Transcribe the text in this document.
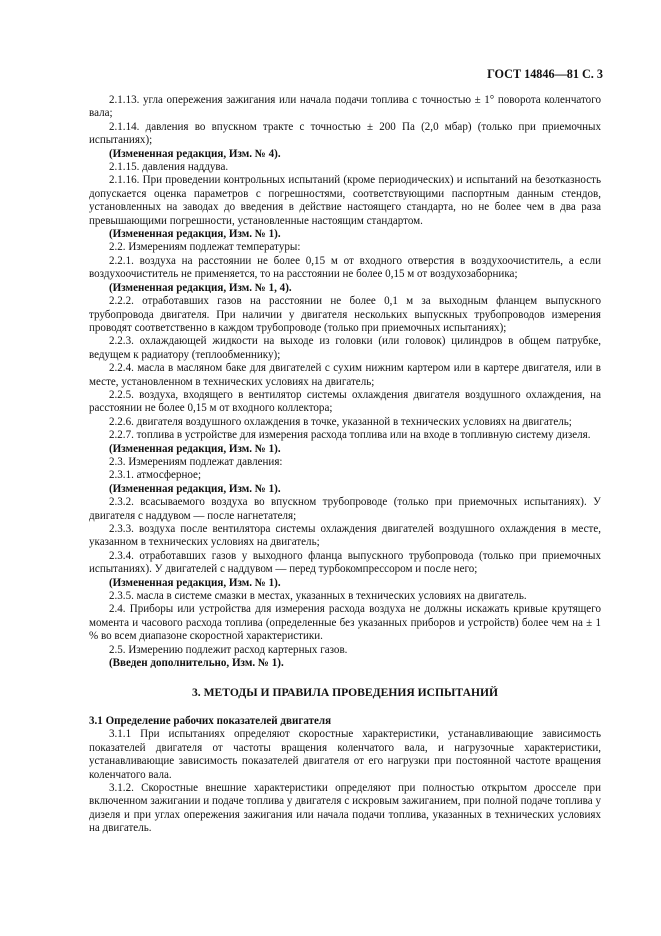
ГОСТ 14846—81 С. 3

2.1.13. угла опережения зажигания или начала подачи топлива с точностью ± 1° поворота коленчатого вала;

2.1.14. давления во впускном тракте с точностью ± 200 Па (2,0 мбар) (только при приемочных испытаниях);

(Измененная редакция, Изм. № 4).

2.1.15. давления наддува.

2.1.16. При проведении контрольных испытаний (кроме периодических) и испытаний на безотказность допускается оценка параметров с погрешностями, соответствующими паспортным данным стендов, установленных на заводах до введения в действие настоящего стандарта, но не более чем в два раза превышающими погрешности, установленные настоящим стандартом.

(Измененная редакция, Изм. № 1).

2.2. Измерениям подлежат температуры:

2.2.1. воздуха на расстоянии не более 0,15 м от входного отверстия в воздухоочиститель, а если воздухоочиститель не применяется, то на расстоянии не более 0,15 м от воздухозаборника;

(Измененная редакция, Изм. № 1, 4).

2.2.2. отработавших газов на расстоянии не более 0,1 м за выходным фланцем выпускного трубопровода двигателя. При наличии у двигателя нескольких выпускных трубопроводов измерения проводят соответственно в каждом трубопроводе (только при приемочных испытаниях);

2.2.3. охлаждающей жидкости на выходе из головки (или головок) цилиндров в общем патрубке, ведущем к радиатору (теплообменнику);

2.2.4. масла в масляном баке для двигателей с сухим нижним картером или в картере двигателя, или в месте, установленном в технических условиях на двигатель;

2.2.5. воздуха, входящего в вентилятор системы охлаждения двигателя воздушного охлаждения, на расстоянии не более 0,15 м от входного коллектора;

2.2.6. двигателя воздушного охлаждения в точке, указанной в технических условиях на двигатель;

2.2.7. топлива в устройстве для измерения расхода топлива или на входе в топливную систему дизеля.

(Измененная редакция, Изм. № 1).

2.3. Измерениям подлежат давления:

2.3.1. атмосферное;

(Измененная редакция, Изм. № 1).

2.3.2. всасываемого воздуха во впускном трубопроводе (только при приемочных испытаниях). У двигателя с наддувом — после нагнетателя;

2.3.3. воздуха после вентилятора системы охлаждения двигателей воздушного охлаждения в месте, указанном в технических условиях на двигатель;

2.3.4. отработавших газов у выходного фланца выпускного трубопровода (только при приемочных испытаниях). У двигателей с наддувом — перед турбокомпрессором и после него;

(Измененная редакция, Изм. № 1).

2.3.5. масла в системе смазки в местах, указанных в технических условиях на двигатель.

2.4. Приборы или устройства для измерения расхода воздуха не должны искажать кривые крутящего момента и часового расхода топлива (определенные без указанных приборов и устройств) более чем на ± 1 % во всем диапазоне скоростной характеристики.

2.5. Измерению подлежит расход картерных газов.

(Введен дополнительно, Изм. № 1).

3. МЕТОДЫ И ПРАВИЛА ПРОВЕДЕНИЯ ИСПЫТАНИЙ

3.1 Определение рабочих показателей двигателя

3.1.1 При испытаниях определяют скоростные характеристики, устанавливающие зависимость показателей двигателя от частоты вращения коленчатого вала, и нагрузочные характеристики, устанавливающие зависимость показателей двигателя от его нагрузки при постоянной частоте вращения коленчатого вала.

3.1.2. Скоростные внешние характеристики определяют при полностью открытом дросселе при включенном зажигании и подаче топлива у двигателя с искровым зажиганием, при полной подаче топлива у дизеля и при углах опережения зажигания или начала подачи топлива, указанных в технических условиях на двигатель.
